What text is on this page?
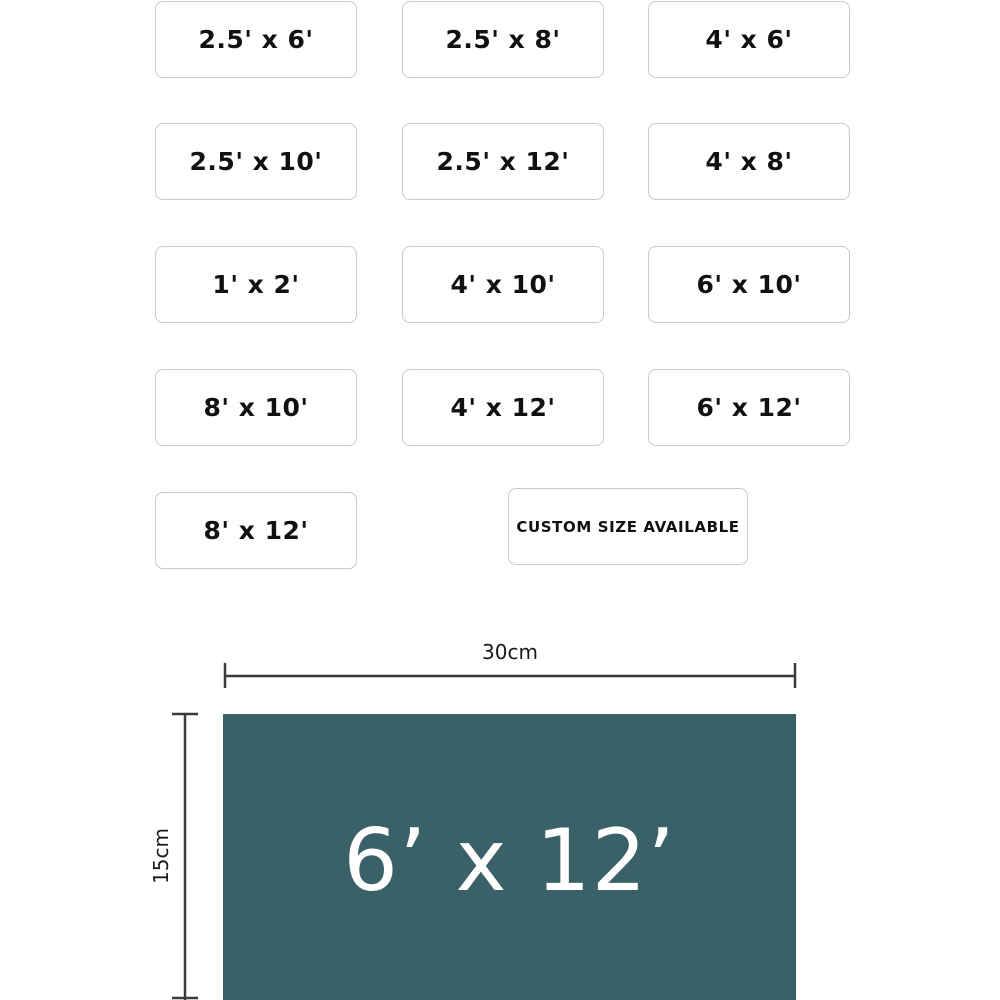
2.5' x 6'	2.5' x 8'	4' x 6'
2.5' x 10'	2.5' x 12'	4' x 8'
1' x 2'	4' x 10'	6' x 10'
8' x 10'	4' x 12'	6' x 12'
8' x 12'	CUSTOM SIZE AVAILABLE
30cm
15cm 6’ x 12’
